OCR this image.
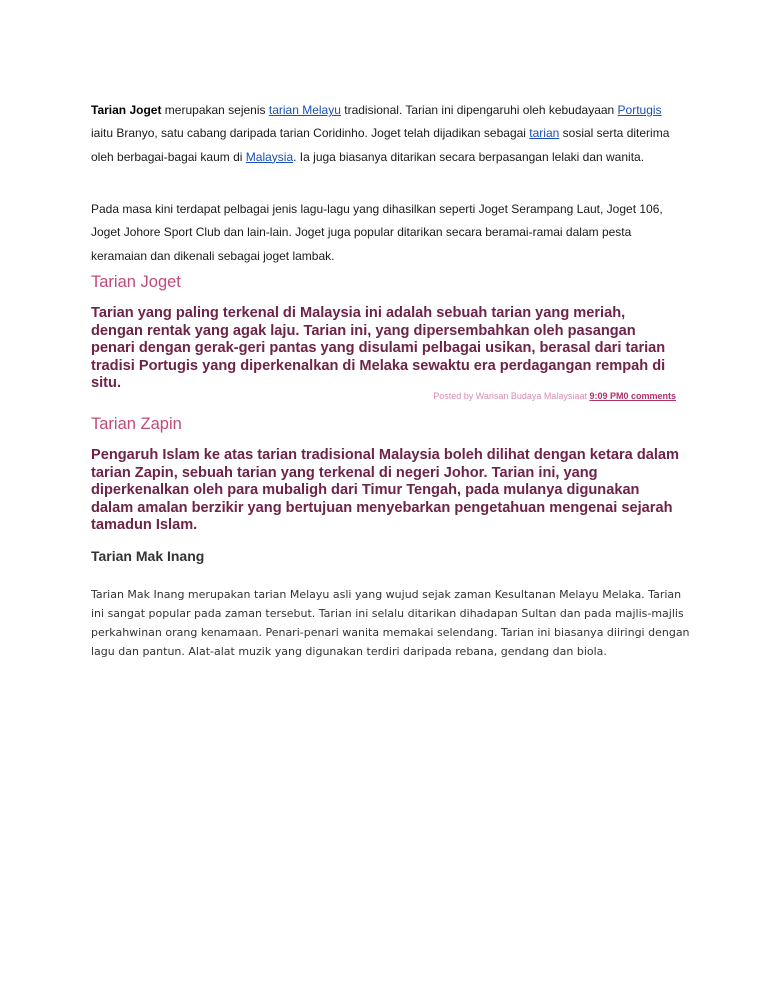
Tarian Joget merupakan sejenis tarian Melayu tradisional. Tarian ini dipengaruhi oleh kebudayaan Portugis iaitu Branyo, satu cabang daripada tarian Coridinho. Joget telah dijadikan sebagai tarian sosial serta diterima oleh berbagai-bagai kaum di Malaysia. Ia juga biasanya ditarikan secara berpasangan lelaki dan wanita.

Pada masa kini terdapat pelbagai jenis lagu-lagu yang dihasilkan seperti Joget Serampang Laut, Joget 106, Joget Johore Sport Club dan lain-lain. Joget juga popular ditarikan secara beramai-ramai dalam pesta keramaian dan dikenali sebagai joget lambak.

Tarian Joget

Tarian yang paling terkenal di Malaysia ini adalah sebuah tarian yang meriah, dengan rentak yang agak laju. Tarian ini, yang dipersembahkan oleh pasangan penari dengan gerak-geri pantas yang disulami pelbagai usikan, berasal dari tarian tradisi Portugis yang diperkenalkan di Melaka sewaktu era perdagangan rempah di situ.

Posted by Warisan Budaya Malaysiaat 9:09 PM0 comments

Tarian Zapin

Pengaruh Islam ke atas tarian tradisional Malaysia boleh dilihat dengan ketara dalam tarian Zapin, sebuah tarian yang terkenal di negeri Johor. Tarian ini, yang diperkenalkan oleh para mubaligh dari Timur Tengah, pada mulanya digunakan dalam amalan berzikir yang bertujuan menyebarkan pengetahuan mengenai sejarah tamadun Islam.

Tarian Mak Inang

Tarian Mak Inang merupakan tarian Melayu asli yang wujud sejak zaman Kesultanan Melayu Melaka. Tarian ini sangat popular pada zaman tersebut. Tarian ini selalu ditarikan dihadapan Sultan dan pada majlis-majlis perkahwinan orang kenamaan. Penari-penari wanita memakai selendang. Tarian ini biasanya diiringi dengan lagu dan pantun. Alat-alat muzik yang digunakan terdiri daripada rebana, gendang dan biola.
